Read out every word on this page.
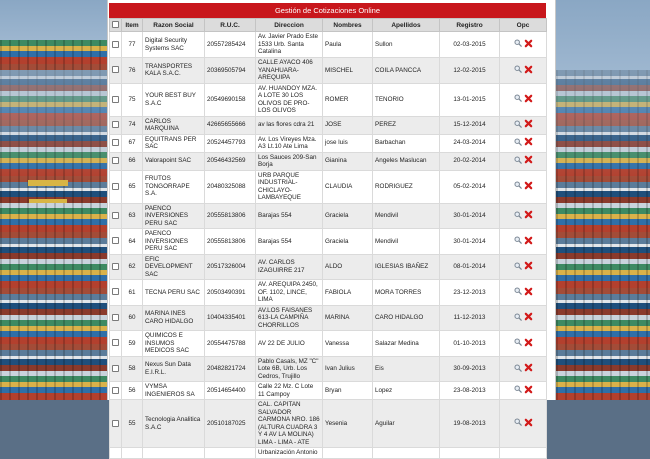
Gestión de Cotizaciones Online
	Item	Razon Social	R.U.C.	Direccion	Nombres	Apellidos	Registro	Opc
	77	Digital Security Systems SAC	20557285424	Av. Javier Prado Este 1533 Urb. Santa Catalina	Paula	Sullon	02-03-2015	
	76	TRANSPORTES KALA S.A.C.	20369505794	CALLE AYACO 406 YANAHUARA-AREQUIPA	MISCHEL	COILA PANCCA	12-02-2015	
	75	YOUR BEST BUY S.A.C	20549690158	AV. HUANDOY MZA. A LOTE 30 LOS OLIVOS DE PRO- LOS OLIVOS	ROMER	TENORIO	13-01-2015	
	74	CARLOS MARQUINA	42665655666	av las flores cdra 21	JOSE	PEREZ	15-12-2014	
	67	EQUITRANS PER SAC	20524457793	Av. Los Vireyes Mza. A3 Lt.10 Ate Lima	jose luis	Barbachan	24-03-2014	
	66	Valorapoint SAC	20546432569	Los Sauces 209-San Borja	Gianina	Angeles Maslucan	20-02-2014	
	65	FRUTOS TONGORRAPE S.A.	20480325088	URB PARQUE INDUSTRIAL-CHICLAYO-LAMBAYEQUE	CLAUDIA	RODRIGUEZ	05-02-2014	
	63	PAENCO INVERSIONES PERU SAC	20555813806	Barajas 554	Graciela	Mendivil	30-01-2014	
	64	PAENCO INVERSIONES PERU SAC	20555813806	Barajas 554	Graciela	Mendivil	30-01-2014	
	62	EFIC DEVELOPMENT SAC	20517326004	AV. CARLOS IZAGUIRRE 217	ALDO	IGLESIAS IBAÑEZ	08-01-2014	
	61	TECNA PERU SAC	20503490391	AV. AREQUIPA 2450, OF. 1102, LINCE, LIMA	FABIOLA	MORA TORRES	23-12-2013	
	60	MARINA INES CARO HIDALGO	10404335401	AV.LOS FAISANES 613-LA CAMPIÑA CHORRILLOS	MARINA	CARO HIDALGO	11-12-2013	
	59	QUIMICOS E INSUMOS MEDICOS SAC	20554475788	AV 22 DE JULIO	Vanessa	Salazar Medina	01-10-2013	
	58	Nexus Sun Data E.I.R.L.	20482821724	Pablo Casals, MZ "C" Lote 6B, Urb. Los Cedros, Trujillo	Ivan Julius	Eis	30-09-2013	
	56	VYMSA INGENIEROS SA	20514654400	Calle 22 Mz. C Lote 11 Campoy	Bryan	Lopez	23-08-2013	
	55	Tecnologia Analitica S.A.C	20510187025	CAL. CAPITAN SALVADOR CARMONA NRO. 186 (ALTURA CUADRA 3 Y 4 AV LA MOLINA) LIMA - LIMA - ATE	Yesenia	Aguilar	19-08-2013	
				Urbanización Antonio				
